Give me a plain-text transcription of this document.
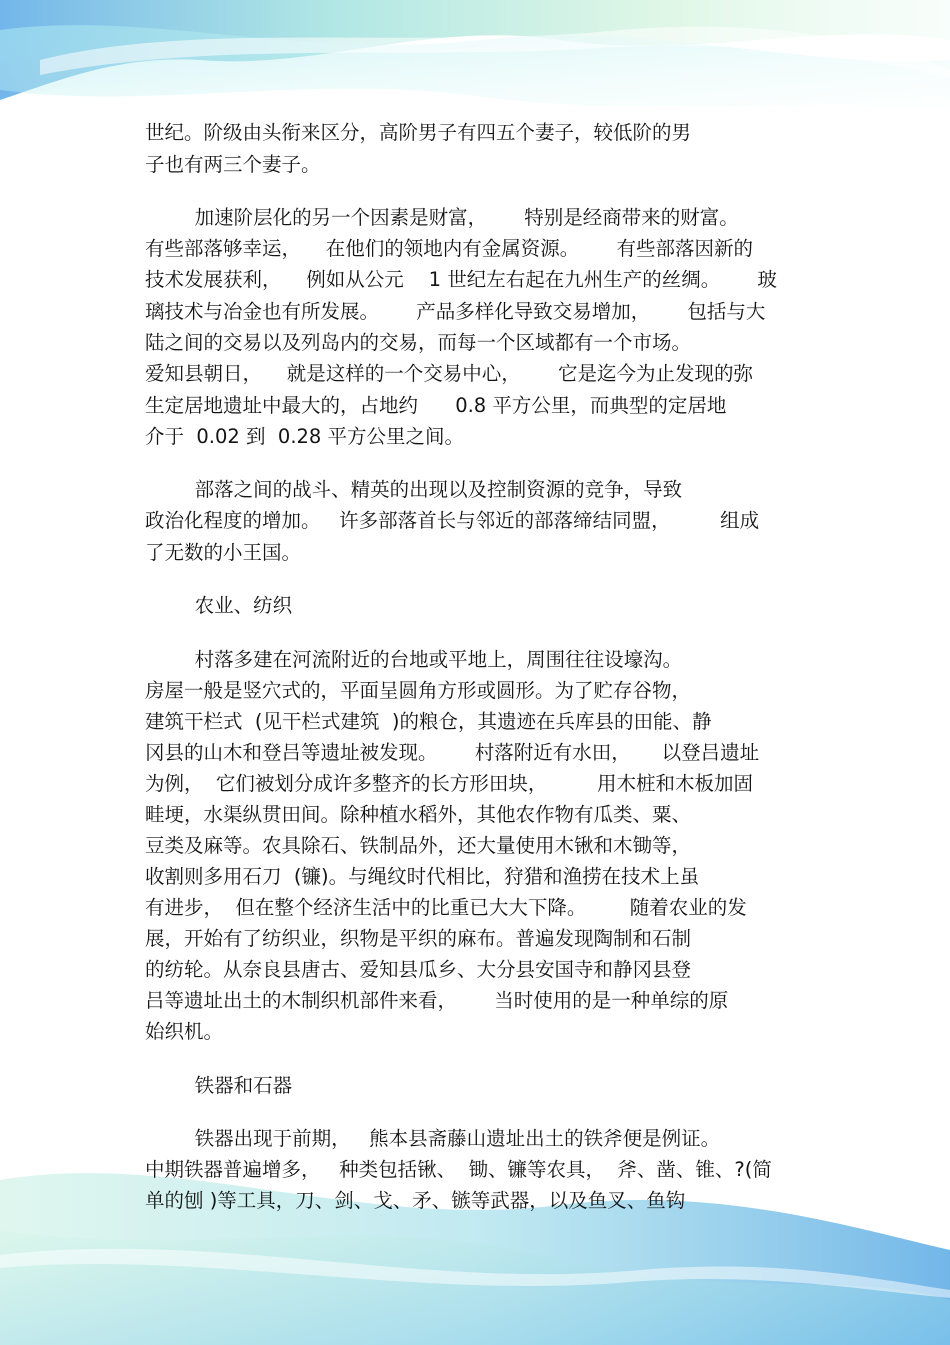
世纪。阶级由头衔来区分，高阶男子有四五个妻子，较低阶的男
子也有两三个妻子。
加速阶层化的另一个因素是财富，      特别是经商带来的财富。
有些部落够幸运，    在他们的领地内有金属资源。      有些部落因新的
技术发展获利，    例如从公元    1 世纪左右起在九州生产的丝绸。      玻
璃技术与冶金也有所发展。      产品多样化导致交易增加，      包括与大
陆之间的交易以及列岛内的交易，而每一个区域都有一个市场。
爱知县朝日，    就是这样的一个交易中心，      它是迄今为止发现的弥
生定居地遗址中最大的，占地约      0.8 平方公里，而典型的定居地
介于  0.02 到  0.28 平方公里之间。
部落之间的战斗、精英的出现以及控制资源的竞争，导致
政治化程度的增加。   许多部落首长与邻近的部落缔结同盟，        组成
了无数的小王国。
农业、纺织
村落多建在河流附近的台地或平地上，周围往往设壕沟。
房屋一般是竖穴式的，平面呈圆角方形或圆形。为了贮存谷物，
建筑干栏式  (见干栏式建筑  )的粮仓，其遗迹在兵库县的田能、静
冈县的山木和登吕等遗址被发现。      村落附近有水田，     以登吕遗址
为例，  它们被划分成许多整齐的长方形田块，        用木桩和木板加固
畦埂，水渠纵贯田间。除种植水稻外，其他农作物有瓜类、粟、
豆类及麻等。农具除石、铁制品外，还大量使用木锹和木锄等，
收割则多用石刀  (镰)。与绳纹时代相比，狩猎和渔捞在技术上虽
有进步，  但在整个经济生活中的比重已大大下降。       随着农业的发
展，开始有了纺织业，织物是平织的麻布。普遍发现陶制和石制
的纺轮。从奈良县唐古、爱知县瓜乡、大分县安国寺和静冈县登
吕等遗址出土的木制织机部件来看，      当时使用的是一种单综的原
始织机。
铁器和石器
铁器出现于前期，   熊本县斋藤山遗址出土的铁斧便是例证。
中期铁器普遍增多，   种类包括锹、  锄、镰等农具，  斧、凿、锥、?(简
单的刨 )等工具，刀、剑、戈、矛、镞等武器，以及鱼叉、鱼钩
